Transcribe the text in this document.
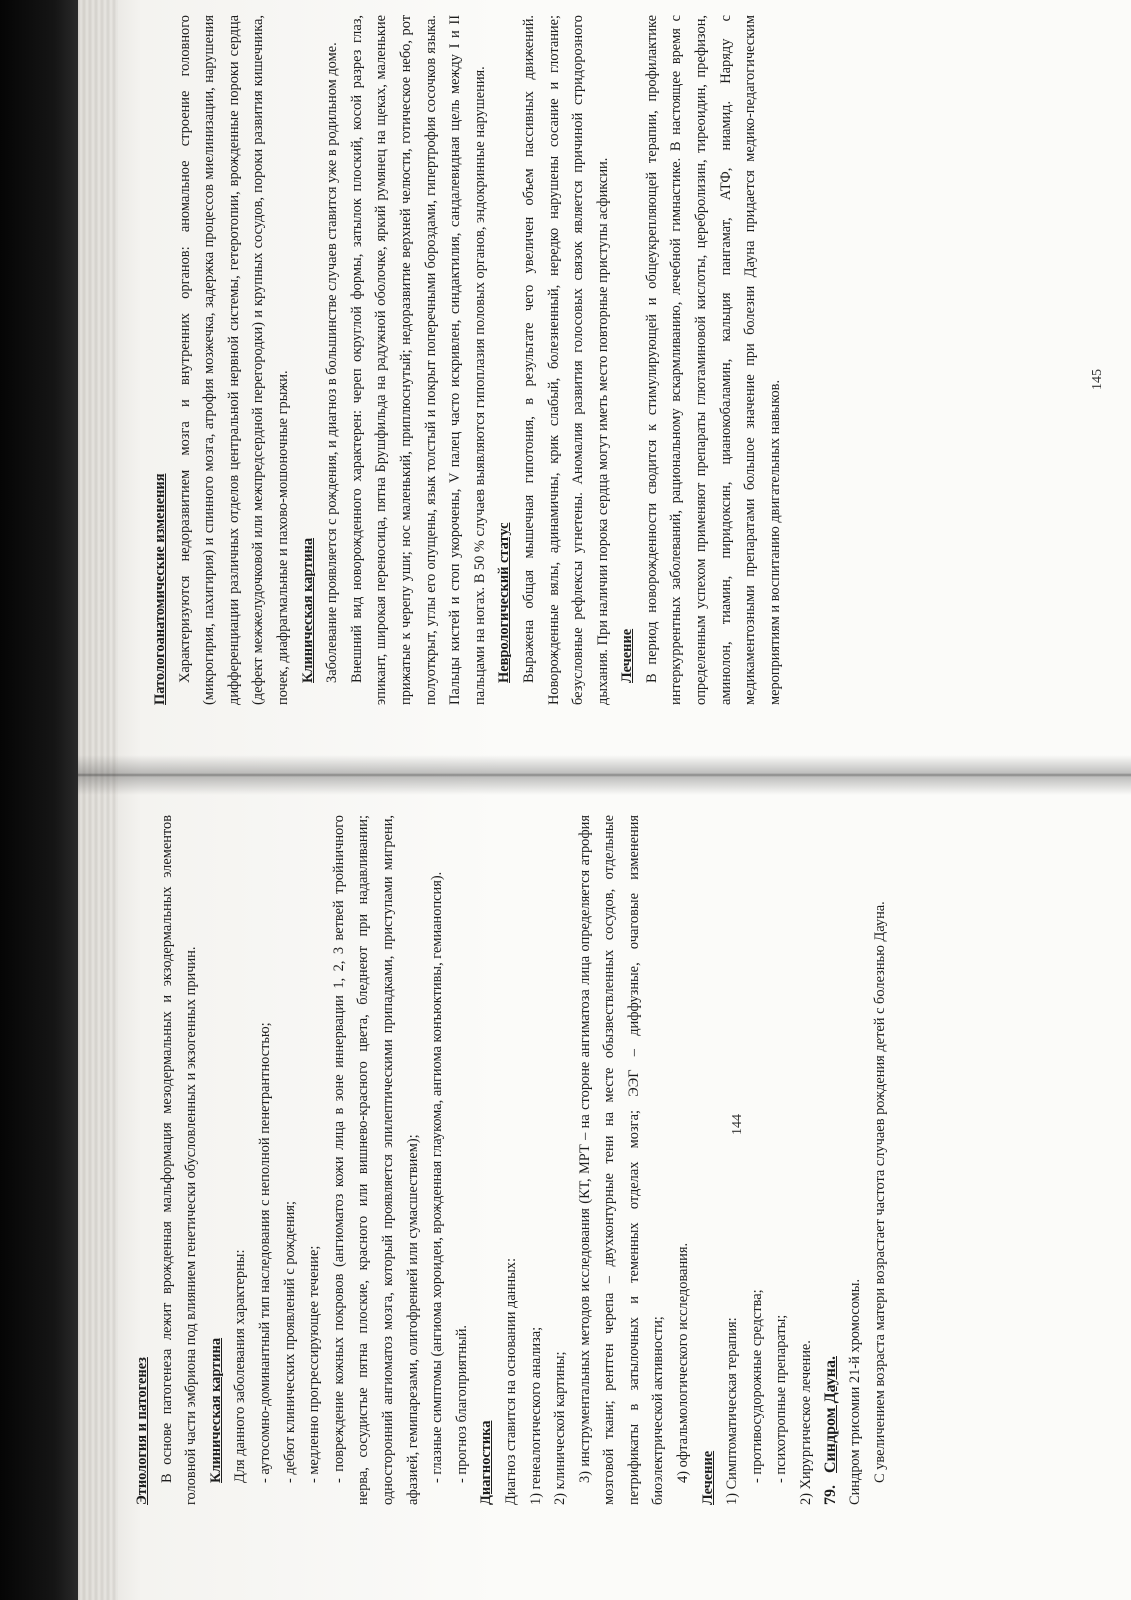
Этиология и патогенез В основе патогенеза лежит врожденная мальформация мезодермальных и экзодермальных элементов головной части эмбриона под влиянием генетически обусловленных и экзогенных причин. Клиническая картина Для данного заболевания характерны: - аутосомно-доминантный тип наследования с неполной пенетрантностью; - дебют клинических проявлений с рождения; - медленно прогрессирующее течение; - повреждение кожных покровов (ангиоматоз кожи лица в зоне иннервации 1, 2, 3 ветвей тройничного нерва, сосудистые пятна плоские, красного или вишнево-красного цвета, бледнеют при надавливании; односторонний ангиоматоз мозга, который проявляется эпилептическими припадками, приступами мигрени, афазией, гемипарезами, олигофренией или сумасшествием); - глазные симптомы (ангиома хороидеи, врожденная глаукома, ангиома конъюктивы, гемианопсия). - прогноз благоприятный. Диагностика Диагноз ставится на основании данных: 1) генеалогического анализа; 2) клинической картины; 3) инструментальных методов исследования (КТ, МРТ – на стороне ангиматоза лица определяется атрофия мозговой ткани; рентген черепа – двухконтурные тени на месте обызвествленных сосудов, отдельные петрификаты в затылочных и теменных отделах мозга; ЭЭГ – диффузные, очаговые изменения биоэлектрической активности; 4) офтальмологического исследования. Лечение 1) Симптоматическая терапия: - противосудорожные средства; - психотропные препараты; 2) Хирургическое лечение. 79.   Синдром Дауна. Синдром трисомии 21-й хромосомы. С увеличением возраста матери возрастает частота случаев рождения детей с болезнью Дауна.

144

Патологоанатомические изменения Характеризуются недоразвитием мозга и внутренних органов: аномальное строение головного (микрогирия, пахигирия) и спинного мозга, атрофия мозжечка, задержка процессов миелинизации, нарушения дифференциации различных отделов центральной нервной системы, гетеротопии, врожденные пороки сердца (дефект межжелудочковой или межпредсердной перегородки) и крупных сосудов, пороки развития кишечника, почек, диафрагмальные и пахово-мошоночные грыжи. Клиническая картина Заболевание проявляется с рождения, и диагноз в большинстве случаев ставится уже в родильном доме. Внешний вид новорожденного характерен: череп округлой формы, затылок плоский, косой разрез глаз, эпикант, широкая переносица, пятна Брушфильда на радужной оболочке, яркий румянец на щеках, маленькие прижатые к черепу уши; нос маленький, приплюснутый; недоразвитие верхней челюсти, готическое небо, рот полуоткрыт, углы его опущены, язык толстый и покрыт поперечными бороздами, гипертрофия сосочков языка. Пальцы кистей и стоп укорочены, V палец часто искривлен, синдактилия, сандалевидная щель между I и II пальцами на ногах. В 50 % случаев выявляются гипоплазия половых органов, эндокринные нарушения. Неврологический статус Выражена общая мышечная гипотония, в результате чего увеличен объем пассивных движений. Новорожденные вялы, адинамичны, крик слабый, болезненный, нередко нарушены сосание и глотание; безусловные рефлексы угнетены. Аномалия развития голосовых связок является причиной стридорозного дыхания. При наличии порока сердца могут иметь место повторные приступы асфиксии. Лечение В период новорожденности сводится к стимулирующей и общеукрепляющей терапии, профилактике интеркуррентных заболеваний, рациональному вскармливанию, лечебной гимнастике. В настоящее время с определенным успехом применяют препараты глютаминовой кислоты, церебролизин, тиреоидин, префизон, аминолон, тиамин, пиридоксин, цианокобаламин, кальция пангамат, АТФ, ниамид. Наряду с медикаментозными препаратами большое значение при болезни Дауна придается медико-педагогическим мероприятиям и воспитанию двигательных навыков.

145
